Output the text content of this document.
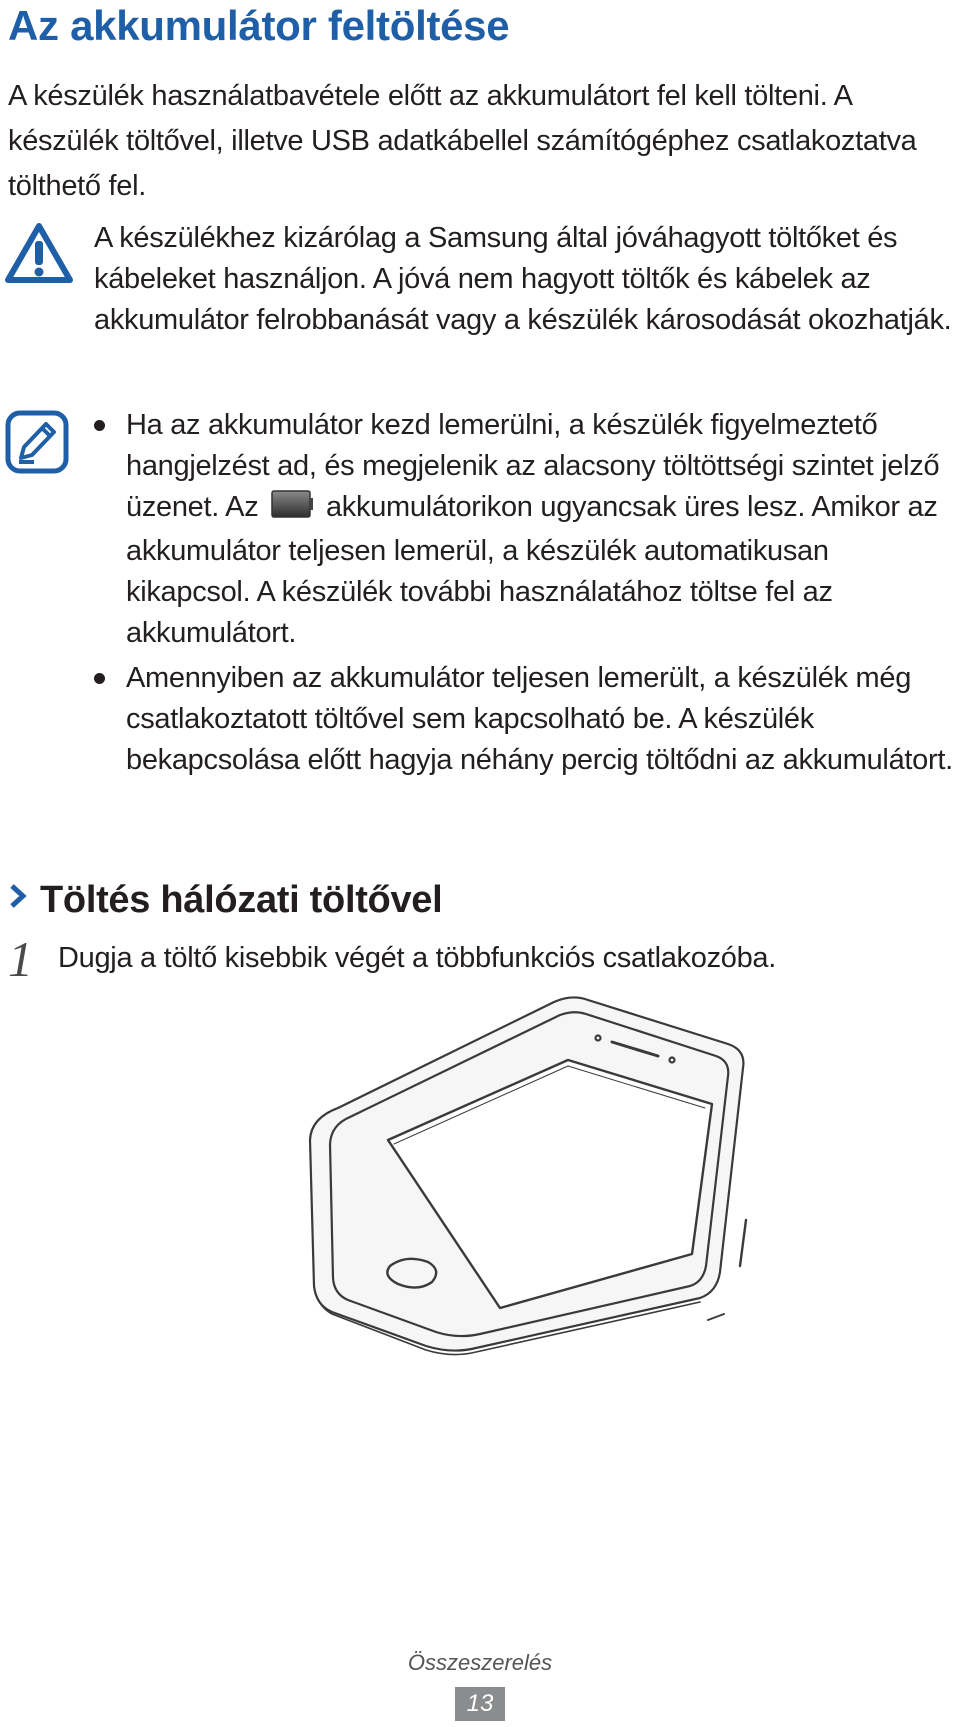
Az akkumulátor feltöltése

A készülék használatbavétele előtt az akkumulátort fel kell tölteni. A készülék töltővel, illetve USB adatkábellel számítógéphez csatlakoztatva tölthető fel.

A készülékhez kizárólag a Samsung által jóváhagyott töltőket és kábeleket használjon. A jóvá nem hagyott töltők és kábelek az akkumulátor felrobbanását vagy a készülék károsodását okozhatják.

Ha az akkumulátor kezd lemerülni, a készülék figyelmeztető hangjelzést ad, és megjelenik az alacsony töltöttségi szintet jelző üzenet. Az akkumulátorikon ugyancsak üres lesz. Amikor az akkumulátor teljesen lemerül, a készülék automatikusan kikapcsol. A készülék további használatához töltse fel az akkumulátort.
Amennyiben az akkumulátor teljesen lemerült, a készülék még csatlakoztatott töltővel sem kapcsolható be. A készülék bekapcsolása előtt hagyja néhány percig töltődni az akkumulátort.
Töltés hálózati töltővel
1 Dugja a töltő kisebbik végét a többfunkciós csatlakozóba.
Összeszerelés
13
